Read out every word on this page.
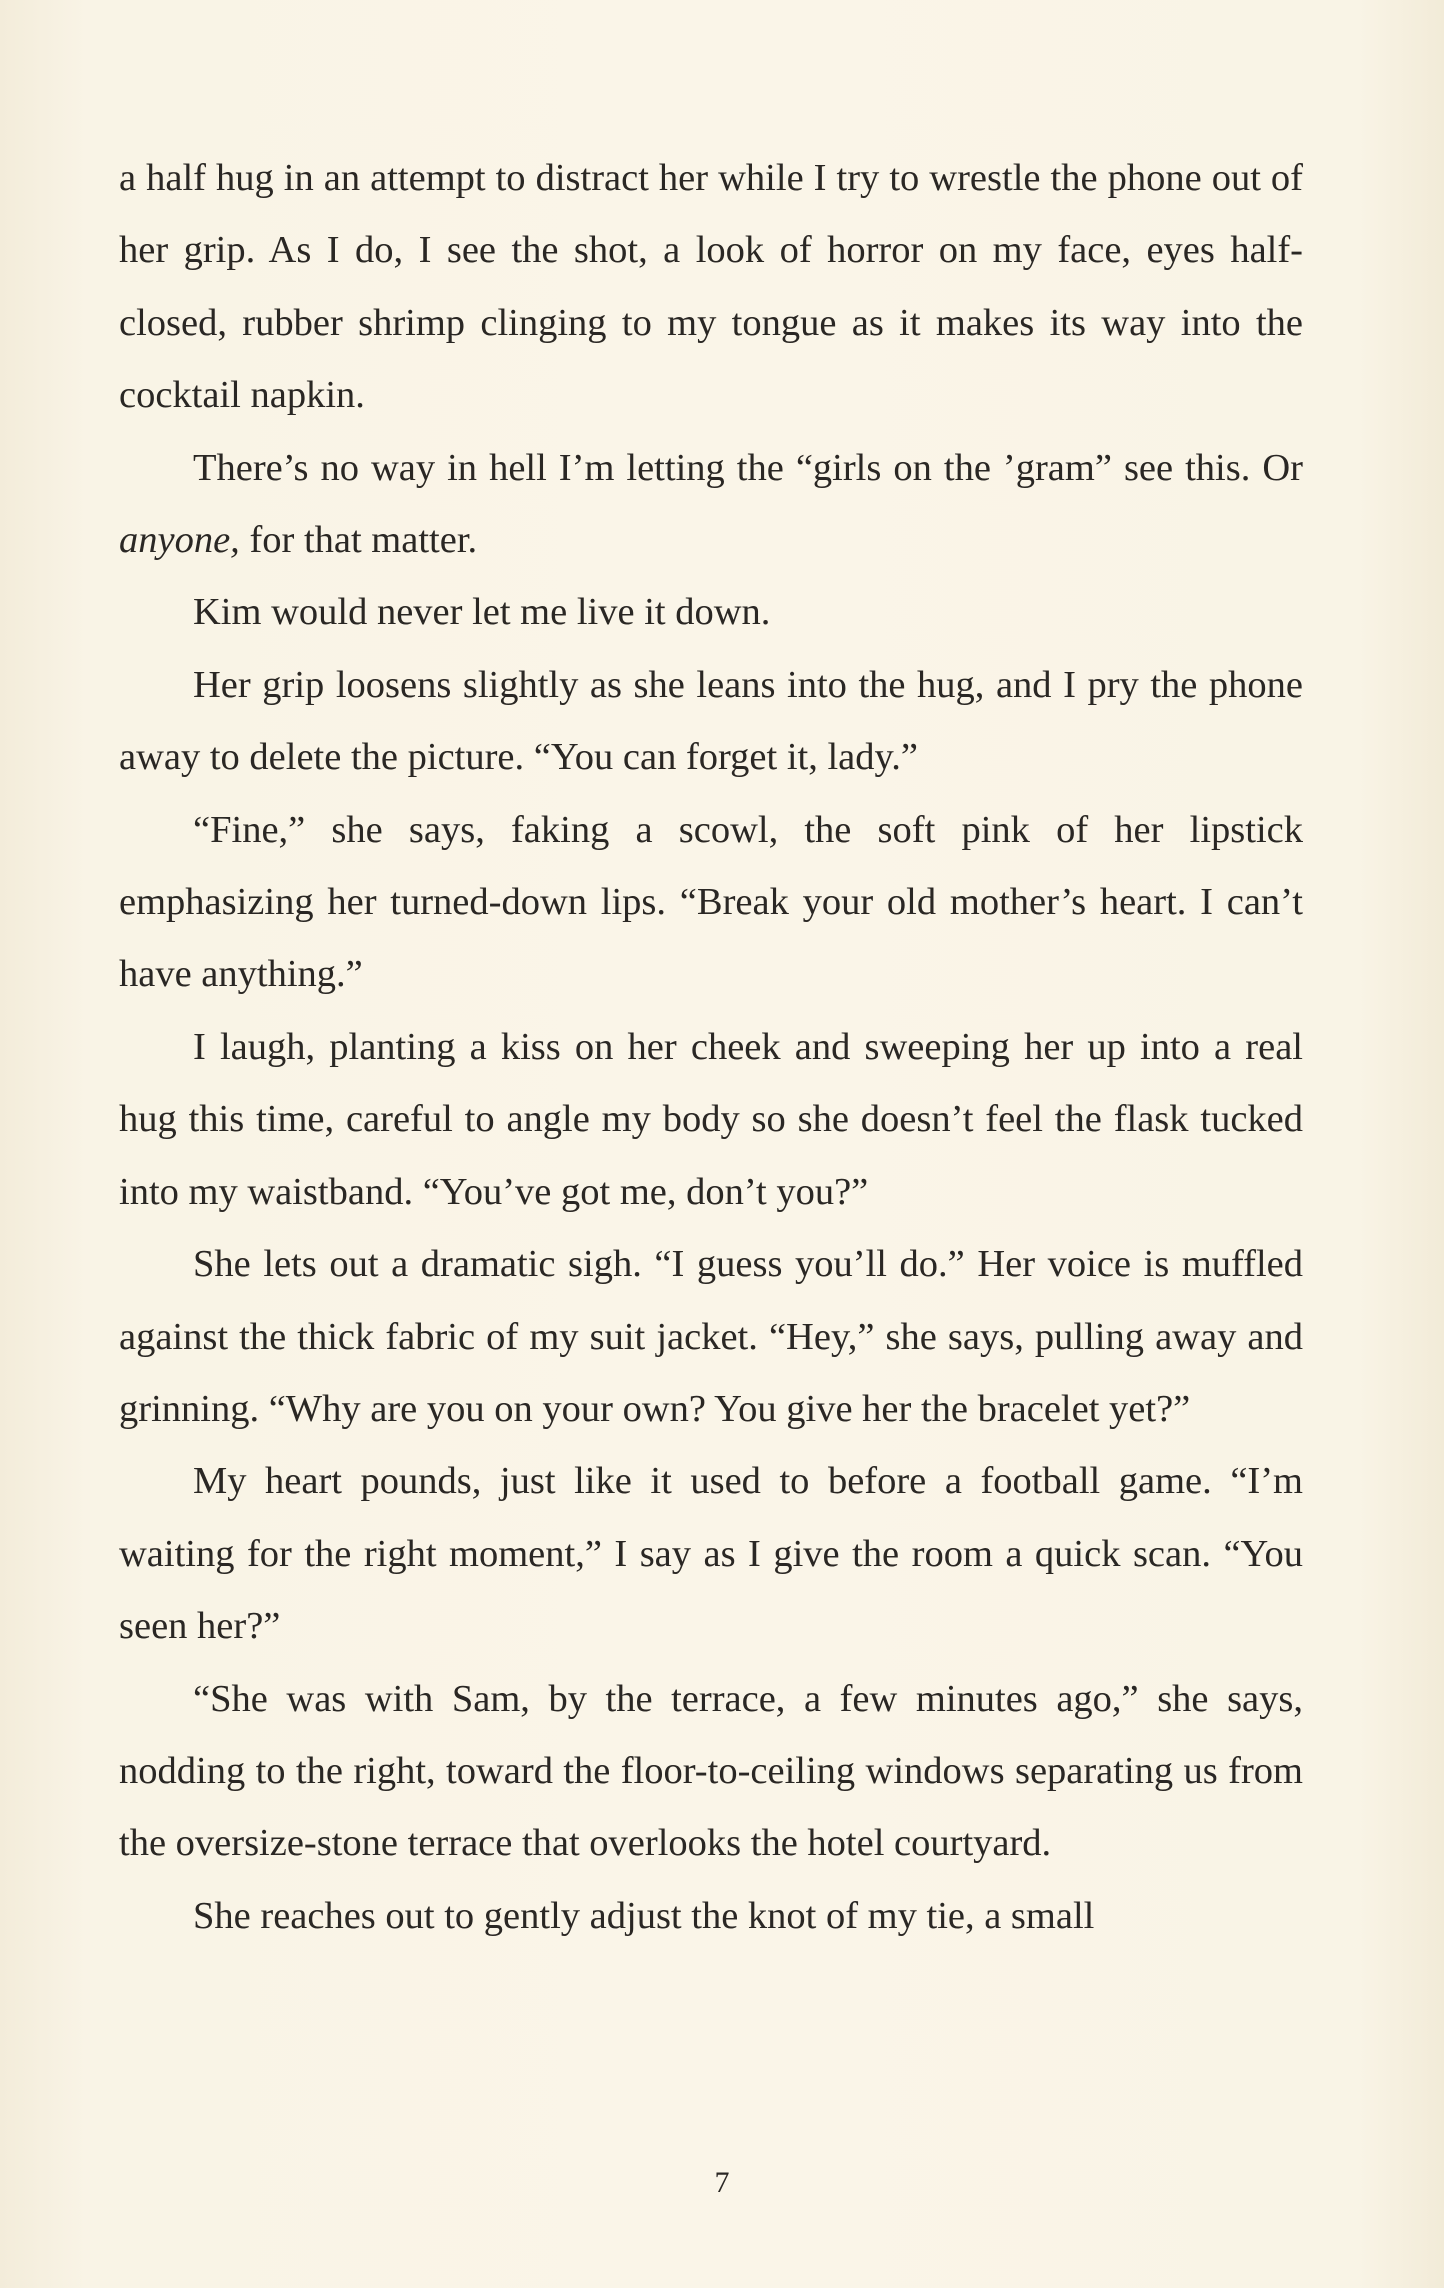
a half hug in an attempt to distract her while I try to wrestle the phone out of her grip. As I do, I see the shot, a look of horror on my face, eyes half-closed, rubber shrimp clinging to my tongue as it makes its way into the cocktail napkin.

There’s no way in hell I’m letting the “girls on the ’gram” see this. Or anyone, for that matter.

Kim would never let me live it down.

Her grip loosens slightly as she leans into the hug, and I pry the phone away to delete the picture. “You can forget it, lady.”

“Fine,” she says, faking a scowl, the soft pink of her lipstick emphasizing her turned-down lips. “Break your old mother’s heart. I can’t have anything.”

I laugh, planting a kiss on her cheek and sweeping her up into a real hug this time, careful to angle my body so she doesn’t feel the flask tucked into my waistband. “You’ve got me, don’t you?”

She lets out a dramatic sigh. “I guess you’ll do.” Her voice is muffled against the thick fabric of my suit jacket. “Hey,” she says, pulling away and grinning. “Why are you on your own? You give her the bracelet yet?”

My heart pounds, just like it used to before a football game. “I’m waiting for the right moment,” I say as I give the room a quick scan. “You seen her?”

“She was with Sam, by the terrace, a few minutes ago,” she says, nodding to the right, toward the floor-to-ceiling windows separating us from the oversize-stone terrace that overlooks the hotel courtyard.

She reaches out to gently adjust the knot of my tie, a small

7
